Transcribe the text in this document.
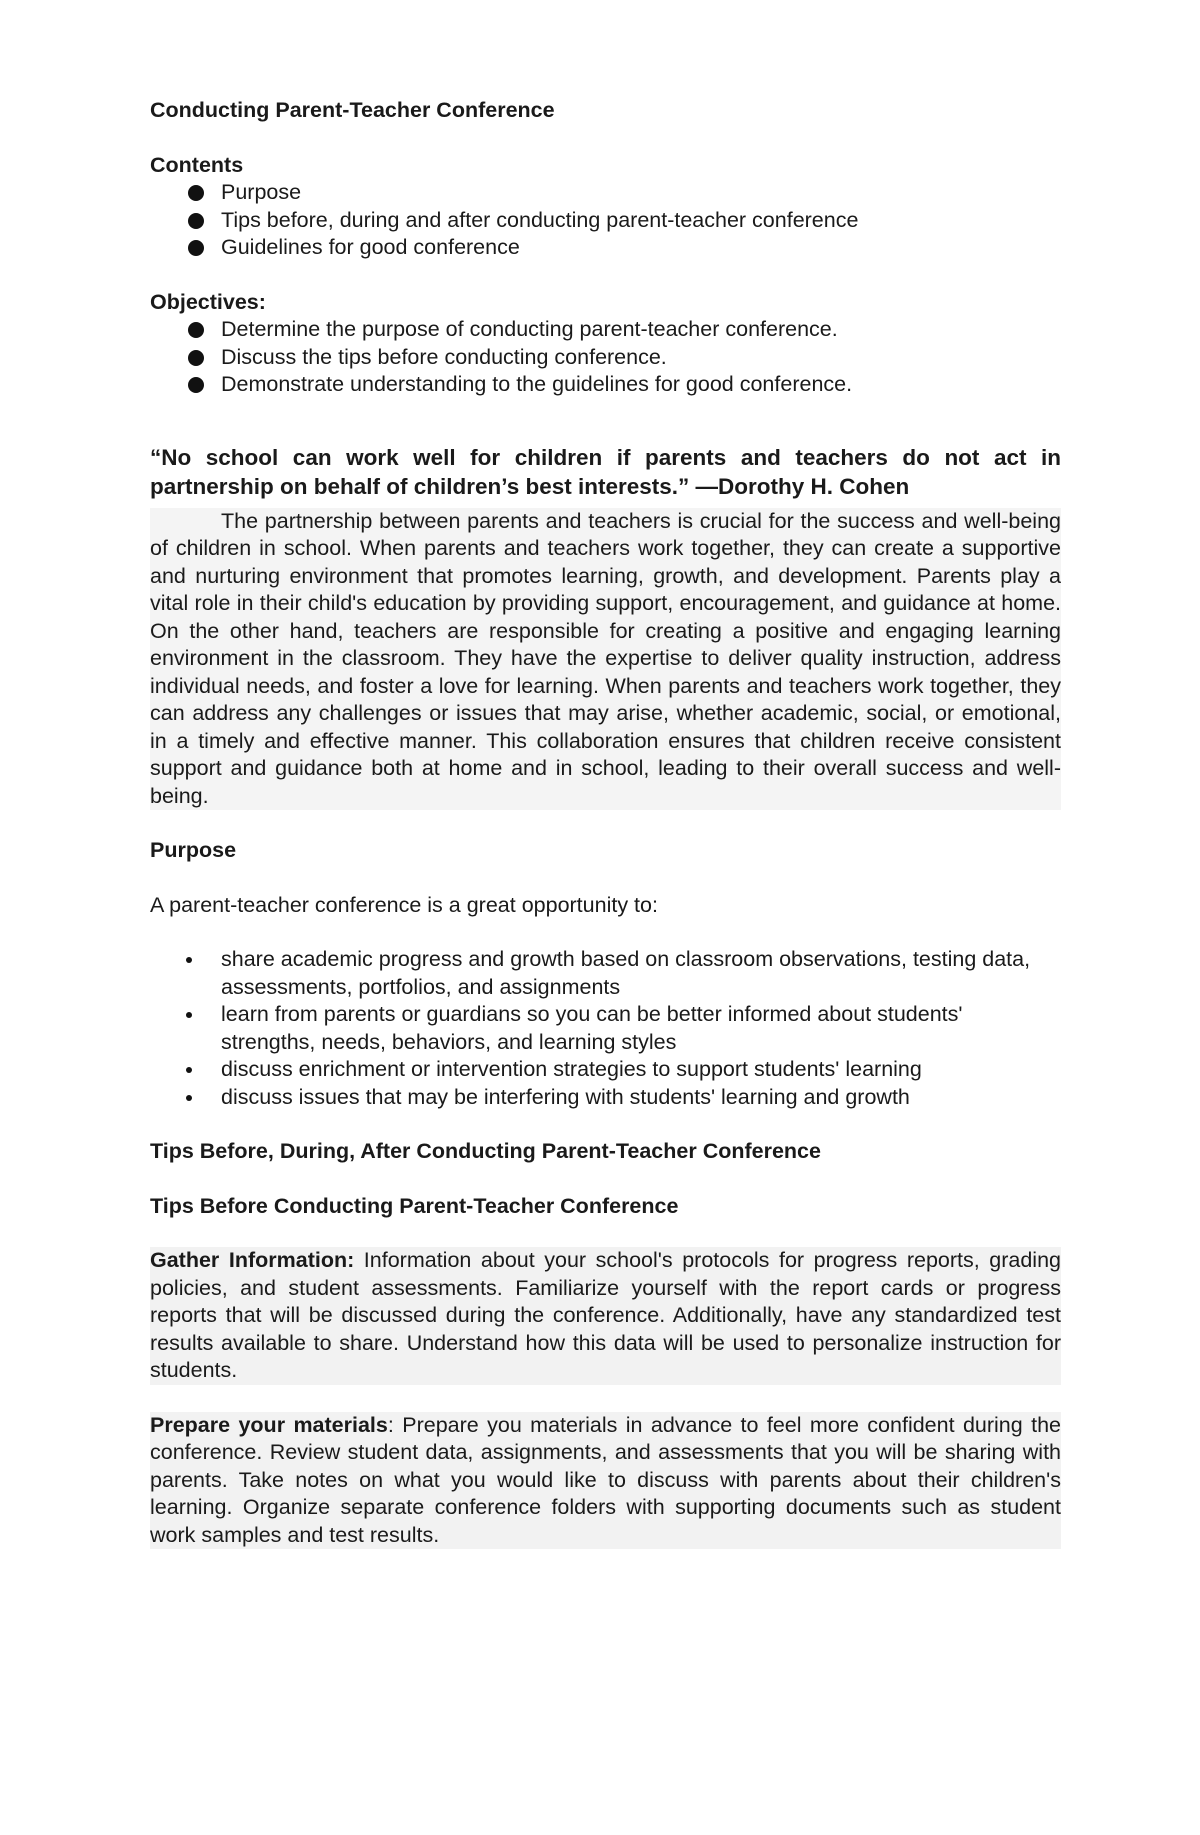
Conducting Parent-Teacher Conference

Contents

Purpose
Tips before, during and after conducting parent-teacher conference
Guidelines for good conference

Objectives:

Determine the purpose of conducting parent-teacher conference.
Discuss the tips before conducting conference.
Demonstrate understanding to the guidelines for good conference.

“No school can work well for children if parents and teachers do not act in partnership on behalf of children’s best interests.” —Dorothy H. Cohen

The partnership between parents and teachers is crucial for the success and well-being of children in school. When parents and teachers work together, they can create a supportive and nurturing environment that promotes learning, growth, and development. Parents play a vital role in their child's education by providing support, encouragement, and guidance at home. On the other hand, teachers are responsible for creating a positive and engaging learning environment in the classroom. They have the expertise to deliver quality instruction, address individual needs, and foster a love for learning. When parents and teachers work together, they can address any challenges or issues that may arise, whether academic, social, or emotional, in a timely and effective manner. This collaboration ensures that children receive consistent support and guidance both at home and in school, leading to their overall success and well-being.

Purpose

A parent-teacher conference is a great opportunity to:

share academic progress and growth based on classroom observations, testing data, assessments, portfolios, and assignments
learn from parents or guardians so you can be better informed about students' strengths, needs, behaviors, and learning styles
discuss enrichment or intervention strategies to support students' learning
discuss issues that may be interfering with students' learning and growth

Tips Before, During, After Conducting Parent-Teacher Conference

Tips Before Conducting Parent-Teacher Conference

Gather Information: Information about your school's protocols for progress reports, grading policies, and student assessments. Familiarize yourself with the report cards or progress reports that will be discussed during the conference. Additionally, have any standardized test results available to share. Understand how this data will be used to personalize instruction for students.

Prepare your materials: Prepare you materials in advance to feel more confident during the conference. Review student data, assignments, and assessments that you will be sharing with parents. Take notes on what you would like to discuss with parents about their children's learning. Organize separate conference folders with supporting documents such as student work samples and test results.
